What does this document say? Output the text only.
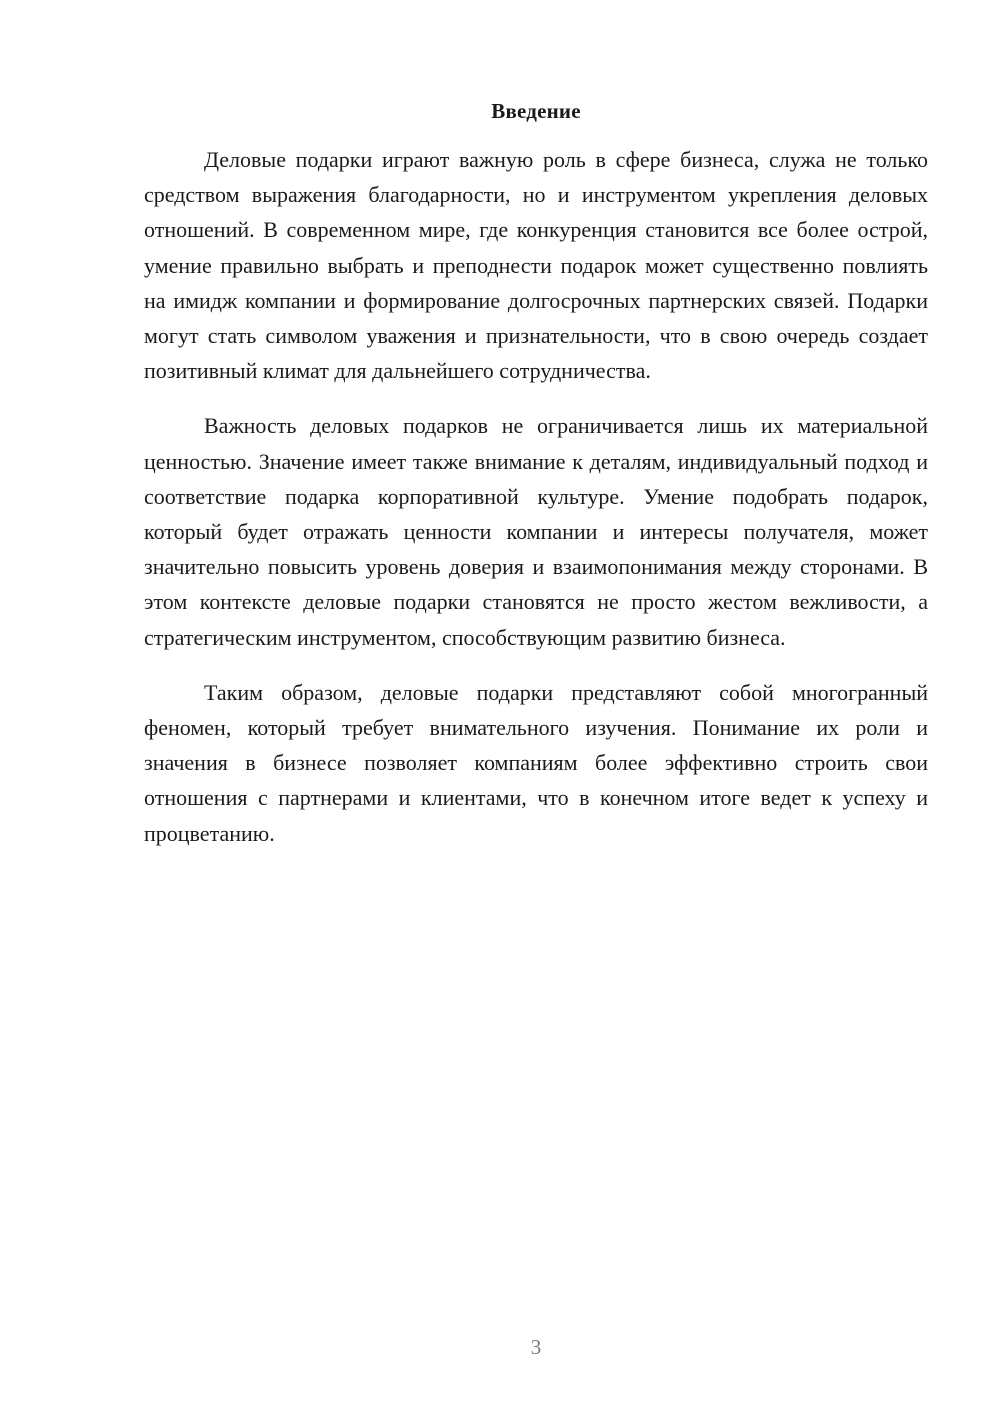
Введение

Деловые подарки играют важную роль в сфере бизнеса, служа не только средством выражения благодарности, но и инструментом укрепления деловых отношений. В современном мире, где конкуренция становится все более острой, умение правильно выбрать и преподнести подарок может существенно повлиять на имидж компании и формирование долгосрочных партнерских связей. Подарки могут стать символом уважения и признательности, что в свою очередь создает позитивный климат для дальнейшего сотрудничества.

Важность деловых подарков не ограничивается лишь их материальной ценностью. Значение имеет также внимание к деталям, индивидуальный подход и соответствие подарка корпоративной культуре. Умение подобрать подарок, который будет отражать ценности компании и интересы получателя, может значительно повысить уровень доверия и взаимопонимания между сторонами. В этом контексте деловые подарки становятся не просто жестом вежливости, а стратегическим инструментом, способствующим развитию бизнеса.

Таким образом, деловые подарки представляют собой многогранный феномен, который требует внимательного изучения. Понимание их роли и значения в бизнесе позволяет компаниям более эффективно строить свои отношения с партнерами и клиентами, что в конечном итоге ведет к успеху и процветанию.

3
